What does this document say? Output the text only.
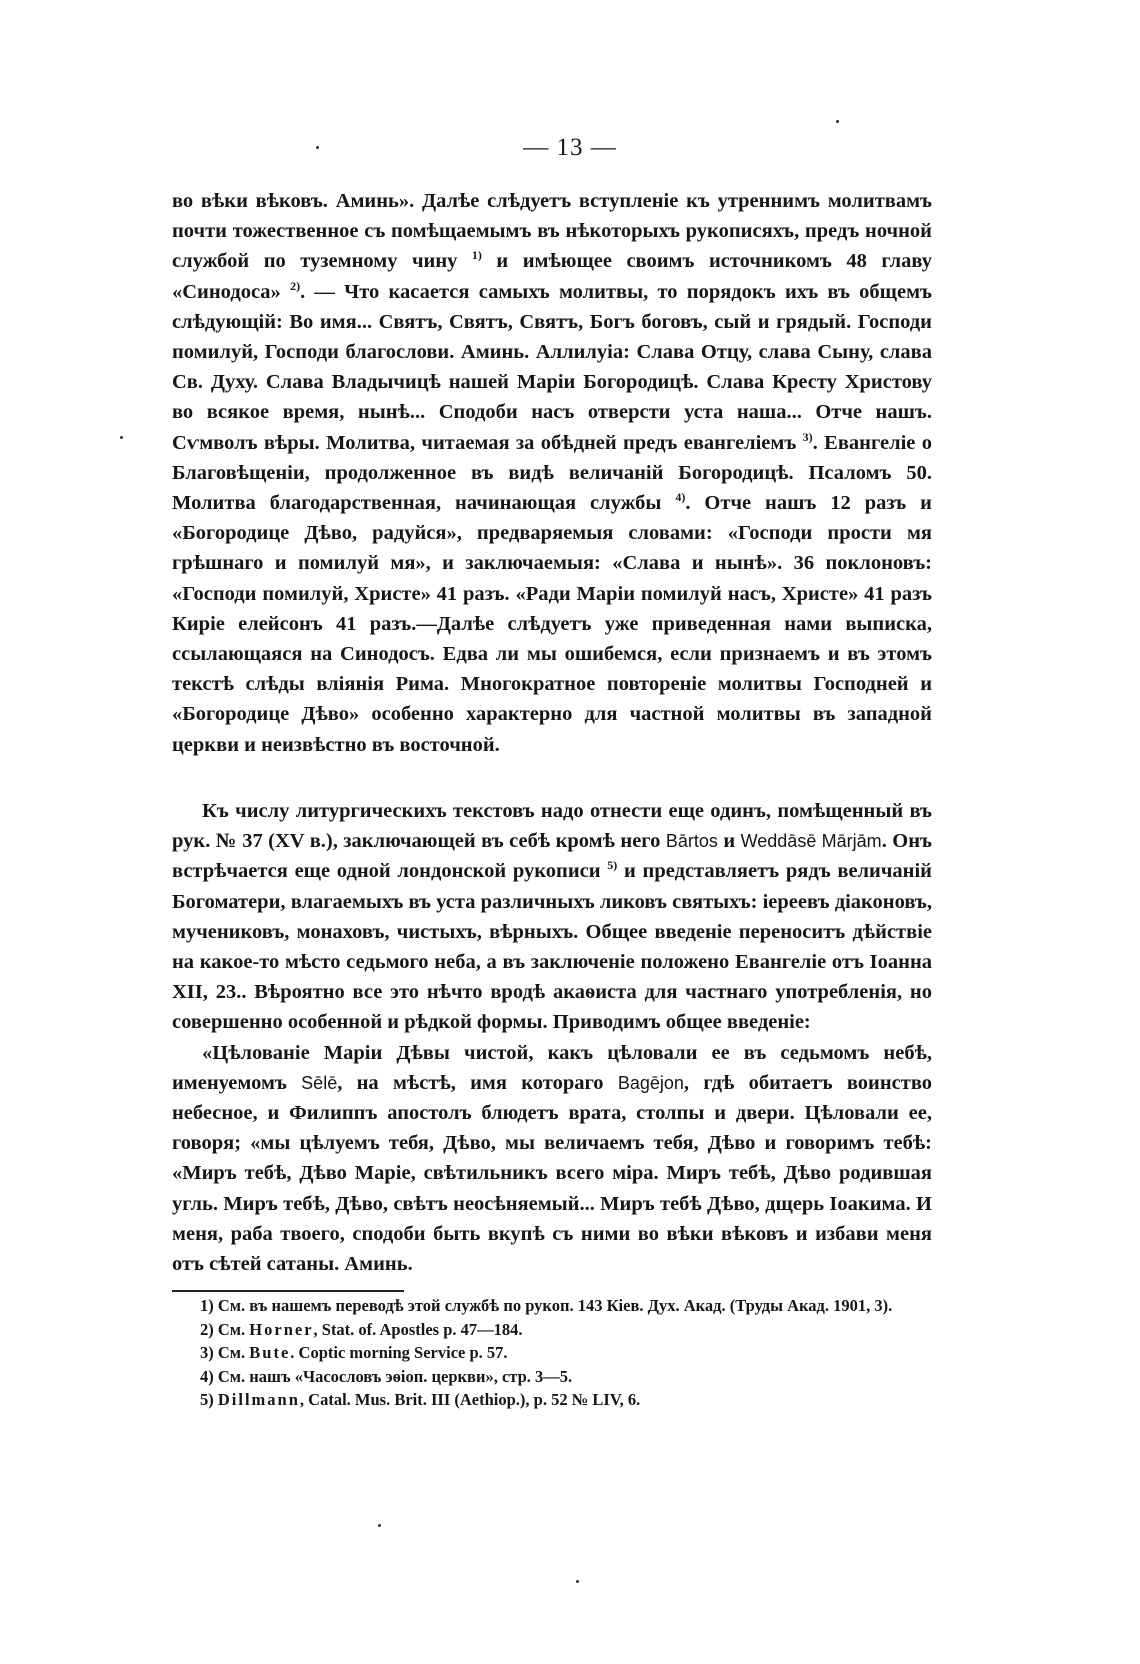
— 13 —

во вѣки вѣковъ. Аминь». Далѣе слѣдуетъ вступленіе къ утреннимъ молитвамъ почти тожественное съ помѣщаемымъ въ нѣкоторыхъ рукописяхъ, предъ ночной службой по туземному чину $^{1)}$ и имѣющее своимъ источникомъ 48 главу «Синодоса» $^{2)}$. — Что касается самыхъ молитвы, то порядокъ ихъ въ общемъ слѣдующій: Во имя... Святъ, Святъ, Святъ, Богъ боговъ, сый и грядый. Господи помилуй, Господи благослови. Аминь. Аллилуіа: Слава Отцу, слава Сыну, слава Св. Духу. Слава Владычицѣ нашей Маріи Богородицѣ. Слава Кресту Христову во всякое время, нынѣ... Сподоби насъ отверсти уста наша... Отче нашъ. Сѵмволъ вѣры. Молитва, читаемая за обѣдней предъ евангеліемъ $^{3)}$. Евангеліе о Благовѣщеніи, продолженное въ видѣ величаній Богородицѣ. Псаломъ 50. Молитва благодарственная, начинающая службы $^{4)}$. Отче нашъ 12 разъ и «Богородице Дѣво, радуйся», предваряемыя словами: «Господи прости мя грѣшнаго и помилуй мя», и заключаемыя: «Слава и нынѣ». 36 поклоновъ: «Господи помилуй, Христе» 41 разъ. «Ради Маріи помилуй насъ, Христе» 41 разъ Киріе елейсонъ 41 разъ.—Далѣе слѣдуетъ уже приведенная нами выписка, ссылающаяся на Синодосъ. Едва ли мы ошибемся, если признаемъ и въ этомъ текстѣ слѣды вліянія Рима. Многократное повтореніе молитвы Господней и «Богородице Дѣво» особенно характерно для частной молитвы въ западной церкви и неизвѣстно въ восточной.

Къ числу литургическихъ текстовъ надо отнести еще одинъ, помѣщенный въ рук. № 37 (XV в.), заключающей въ себѣ кромѣ него Bārtos и Weddāsē Mārjām. Онъ встрѣчается еще одной лондонской рукописи $^{5)}$ и представляетъ рядъ величаній Богоматери, влагаемыхъ въ уста различныхъ ликовъ святыхъ: іереевъ діаконовъ, мучениковъ, монаховъ, чистыхъ, вѣрныхъ. Общее введеніе переноситъ дѣйствіе на какое-то мѣсто седьмого неба, а въ заключеніе положено Евангеліе отъ Іоанна XII, 23.. Вѣроятно все это нѣчто вродѣ акаѳиста для частнаго употребленія, но совершенно особенной и рѣдкой формы. Приводимъ общее введеніе:

«Цѣлованіе Маріи Дѣвы чистой, какъ цѣловали ее въ седьмомъ небѣ, именуемомъ Sēlē, на мѣстѣ, имя котораго Bagējon, гдѣ обитаетъ воинство небесное, и Филиппъ апостолъ блюдетъ врата, столпы и двери. Цѣловали ее, говоря; «мы цѣлуемъ тебя, Дѣво, мы величаемъ тебя, Дѣво и говоримъ тебѣ: «Миръ тебѣ, Дѣво Маріе, свѣтильникъ всего міра. Миръ тебѣ, Дѣво родившая угль. Миръ тебѣ, Дѣво, свѣтъ неосѣняемый... Миръ тебѣ Дѣво, дщерь Іоакима. И меня, раба твоего, сподоби быть вкупѣ съ ними во вѣки вѣковъ и избави меня отъ сѣтей сатаны. Аминь.

1) См. въ нашемъ переводѣ этой службѣ по рукоп. 143 Кіев. Дух. Акад. (Труды Акад. 1901, 3).
2) См. Horner, Stat. of. Apostles p. 47—184.
3) См. Bute. Coptic morning Service p. 57.
4) См. нашъ «Часословъ эѳіоп. церкви», стр. 3—5.
5) Dillmann, Catal. Mus. Brit. III (Aethiop.), p. 52 № LIV, 6.
